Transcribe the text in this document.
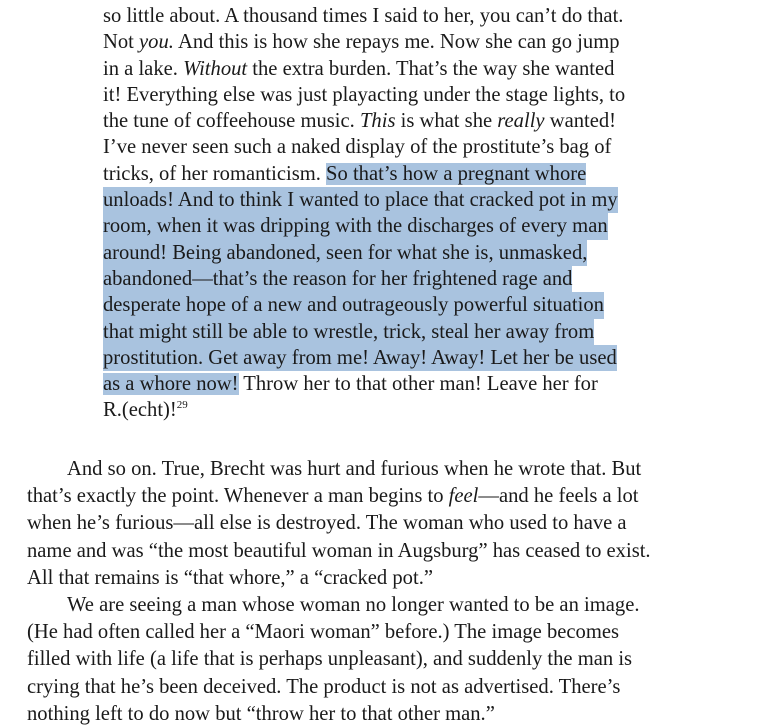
so little about. A thousand times I said to her, you can’t do that.
Not you. And this is how she repays me. Now she can go jump
in a lake. Without the extra burden. That’s the way she wanted
it! Everything else was just playacting under the stage lights, to
the tune of coffeehouse music. This is what she really wanted!
I’ve never seen such a naked display of the prostitute’s bag of
tricks, of her romanticism. So that’s how a pregnant whore
unloads! And to think I wanted to place that cracked pot in my
room, when it was dripping with the discharges of every man
around! Being abandoned, seen for what she is, unmasked,
abandoned—that’s the reason for her frightened rage and
desperate hope of a new and outrageously powerful situation
that might still be able to wrestle, trick, steal her away from
prostitution. Get away from me! Away! Away! Let her be used
as a whore now! Throw her to that other man! Leave her for
R.(echt)!$^{29}$
And so on. True, Brecht was hurt and furious when he wrote that. But
that’s exactly the point. Whenever a man begins to feel—and he feels a lot
when he’s furious—all else is destroyed. The woman who used to have a
name and was “the most beautiful woman in Augsburg” has ceased to exist.
All that remains is “that whore,” a “cracked pot.”
We are seeing a man whose woman no longer wanted to be an image.
(He had often called her a “Maori woman” before.) The image becomes
filled with life (a life that is perhaps unpleasant), and suddenly the man is
crying that he’s been deceived. The product is not as advertised. There’s
nothing left to do now but “throw her to that other man.”
